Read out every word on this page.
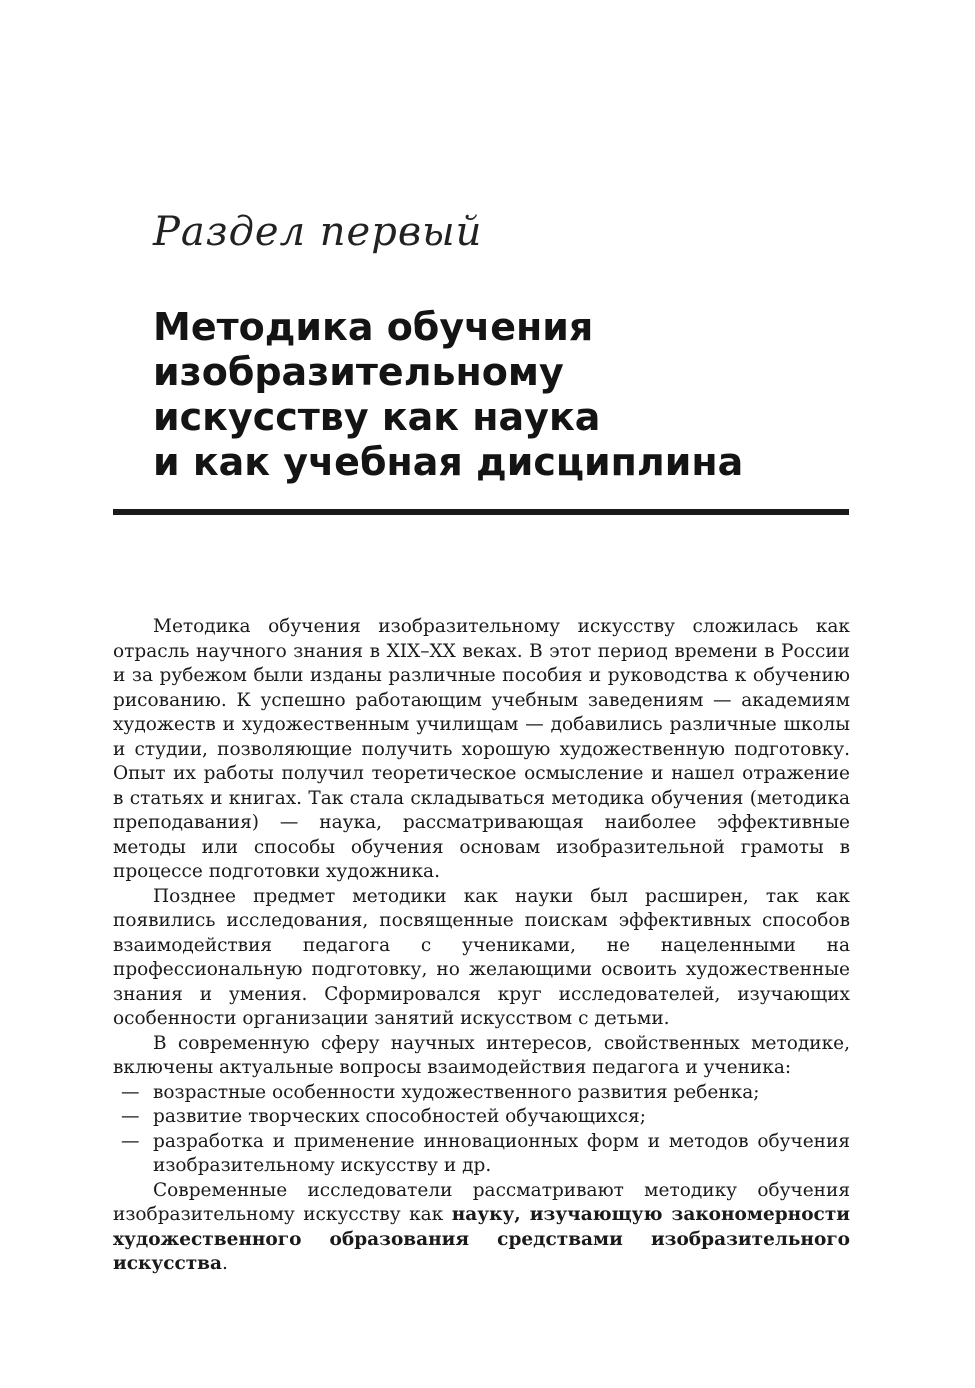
Раздел первый
Методика обучения
изобразительному
искусству как наука
и как учебная дисциплина

Методика обучения изобразительному искусству сложилась как отрасль научного знания в XIX–XX веках. В этот период времени в России и за рубежом были изданы различные пособия и руководства к обучению рисованию. К успешно работающим учебным заведениям — академиям художеств и художественным училищам — добавились различные школы и студии, позволяющие получить хорошую художественную подготовку. Опыт их работы получил теоретическое осмысление и нашел отражение в статьях и книгах. Так стала складываться методика обучения (методика преподавания) — наука, рассматривающая наиболее эффективные методы или способы обучения основам изобразительной грамоты в процессе подготовки художника.

Позднее предмет методики как науки был расширен, так как появились исследования, посвященные поискам эффективных способов взаимодействия педагога с учениками, не нацеленными на профессиональную подготовку, но желающими освоить художественные знания и умения. Сформировался круг исследователей, изучающих особенности организации занятий искусством с детьми.

В современную сферу научных интересов, свойственных методике, включены актуальные вопросы взаимодействия педагога и ученика:

— возрастные особенности художественного развития ребенка;
— развитие творческих способностей обучающихся;
— разработка и применение инновационных форм и методов обучения изобразительному искусству и др.

Современные исследователи рассматривают методику обучения изобразительному искусству как науку, изучающую закономерности художественного образования средствами изобразительного искусства.
